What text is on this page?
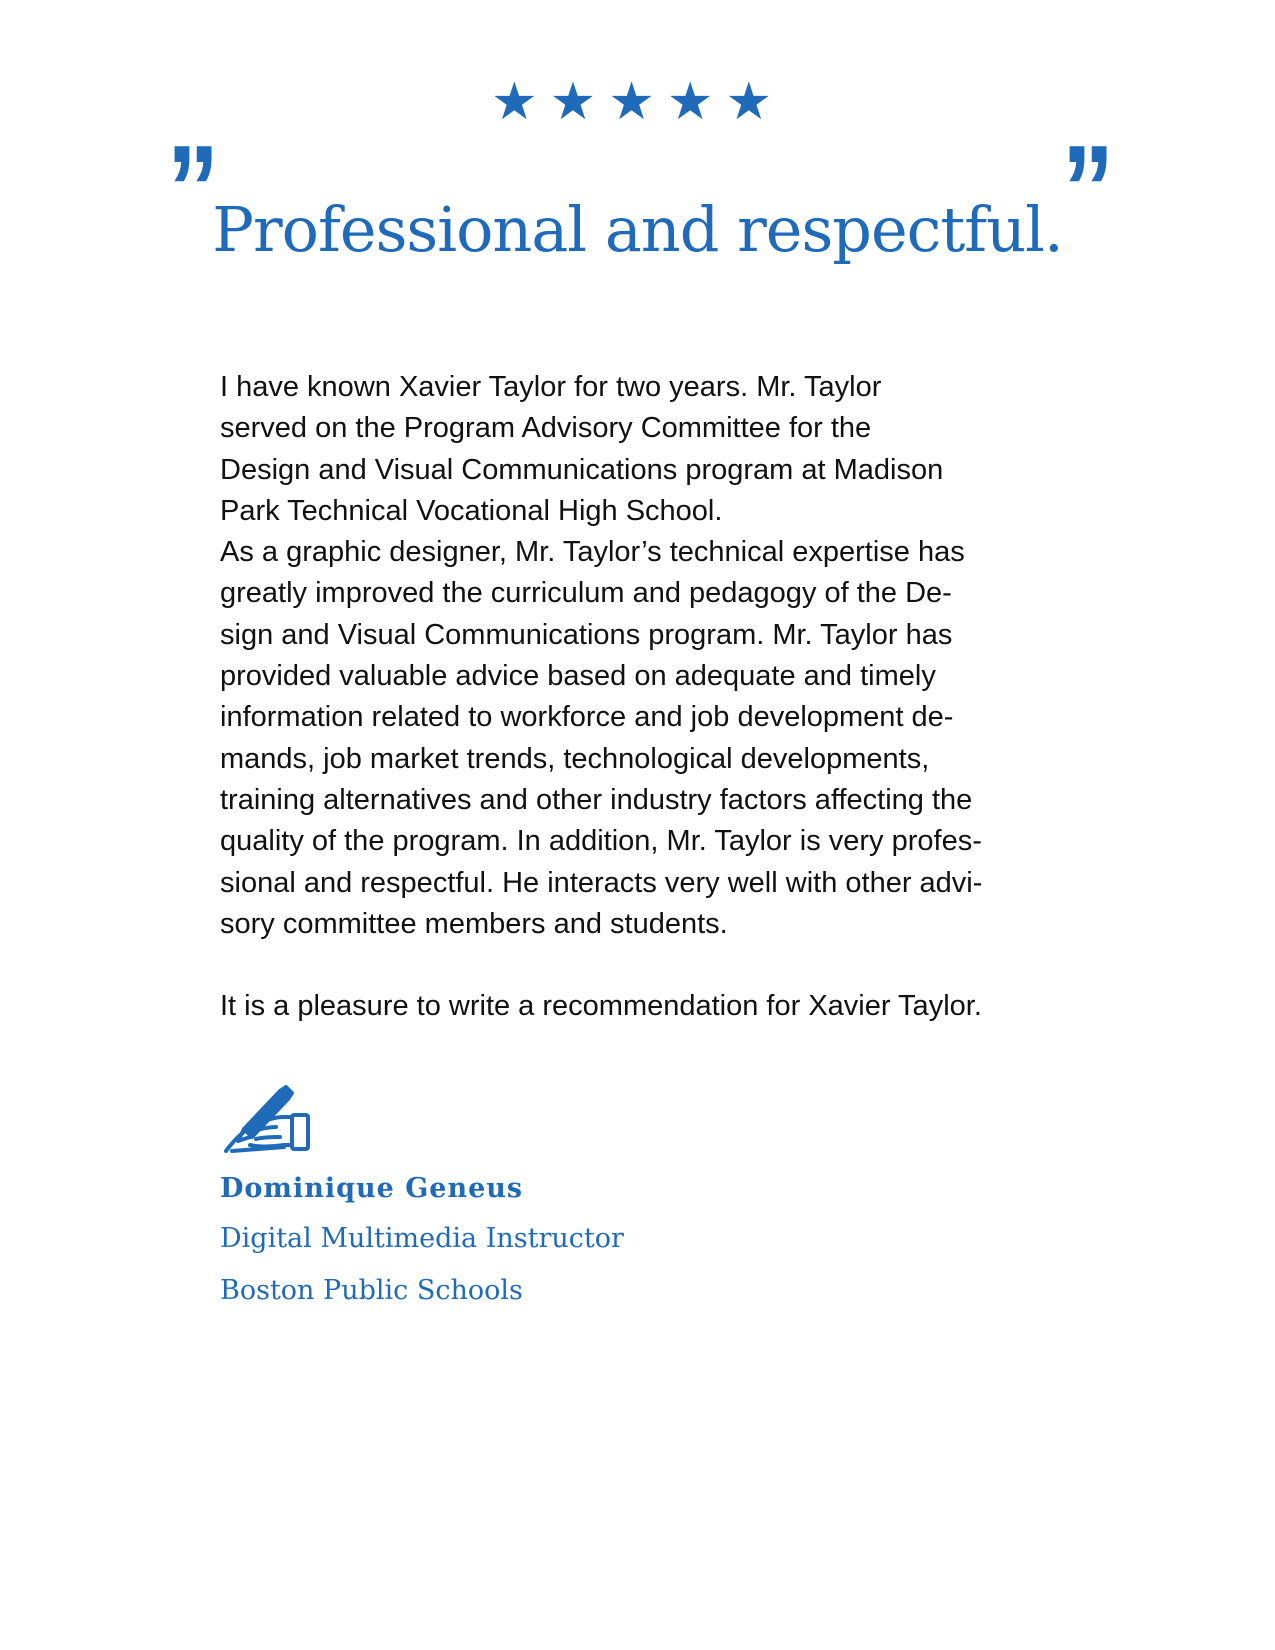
★★★★★
”	”
Professional and respectful.
I have known Xavier Taylor for two years. Mr. Taylor
served on the Program Advisory Committee for the
Design and Visual Communications program at Madison
Park Technical Vocational High School.
As a graphic designer, Mr. Taylor’s technical expertise has
greatly improved the curriculum and pedagogy of the De-
sign and Visual Communications program. Mr. Taylor has
provided valuable advice based on adequate and timely
information related to workforce and job development de-
mands, job market trends, technological developments,
training alternatives and other industry factors affecting the
quality of the program. In addition, Mr. Taylor is very profes-
sional and respectful. He interacts very well with other advi-
sory committee members and students.
It is a pleasure to write a recommendation for Xavier Taylor.
Dominique Geneus
Digital Multimedia Instructor
Boston Public Schools
